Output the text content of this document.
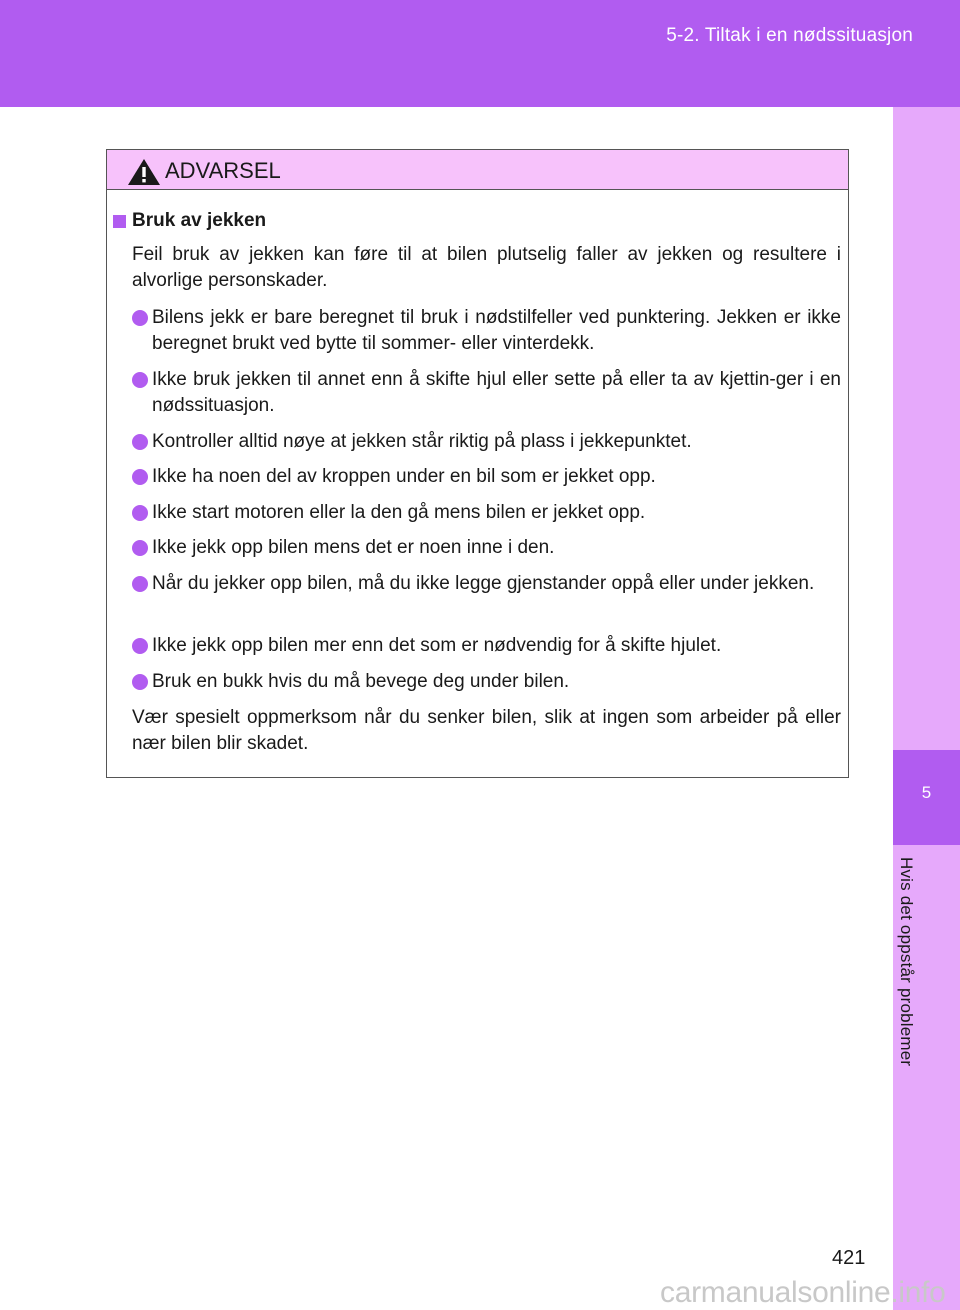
5-2. Tiltak i en nødssituasjon
5
Hvis det oppstår problemer
ADVARSEL
Bruk av jekken
Feil bruk av jekken kan føre til at bilen plutselig faller av jekken og resultere i alvorlige personskader.
Bilens jekk er bare beregnet til bruk i nødstilfeller ved punktering. Jekken er ikke beregnet brukt ved bytte til sommer- eller vinterdekk.
Ikke bruk jekken til annet enn å skifte hjul eller sette på eller ta av kjettin-ger i en nødssituasjon.
Kontroller alltid nøye at jekken står riktig på plass i jekkepunktet.
Ikke ha noen del av kroppen under en bil som er jekket opp.
Ikke start motoren eller la den gå mens bilen er jekket opp.
Ikke jekk opp bilen mens det er noen inne i den.
Når du jekker opp bilen, må du ikke legge gjenstander oppå eller under jekken.
Ikke jekk opp bilen mer enn det som er nødvendig for å skifte hjulet.
Bruk en bukk hvis du må bevege deg under bilen.
Vær spesielt oppmerksom når du senker bilen, slik at ingen som arbeider på eller nær bilen blir skadet.
421
carmanualsonline.info
